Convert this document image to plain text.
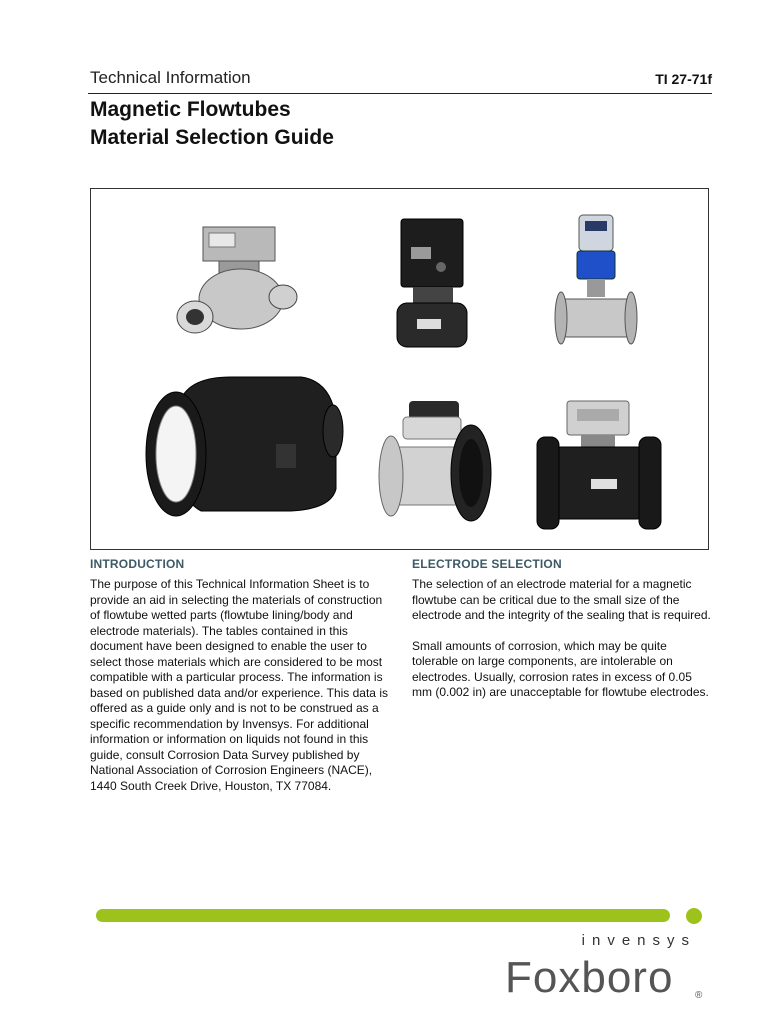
Technical Information	TI 27-71f
Magnetic Flowtubes
Material Selection Guide
INTRODUCTION

The purpose of this Technical Information Sheet is to provide an aid in selecting the materials of construction of flowtube wetted parts (flowtube lining/body and electrode materials). The tables contained in this document have been designed to enable the user to select those materials which are considered to be most compatible with a particular process. The information is based on published data and/or experience. This data is offered as a guide only and is not to be construed as a specific recommendation by Invensys. For additional information or information on liquids not found in this guide, consult Corrosion Data Survey published by National Association of Corrosion Engineers (NACE), 1440 South Creek Drive, Houston, TX 77084.

ELECTRODE SELECTION

The selection of an electrode material for a magnetic flowtube can be critical due to the small size of the electrode and the integrity of the sealing that is required.

Small amounts of corrosion, which may be quite tolerable on large components, are intolerable on electrodes. Usually, corrosion rates in excess of 0.05 mm (0.002 in) are unacceptable for flowtube electrodes.

invensys
Foxboro ®
